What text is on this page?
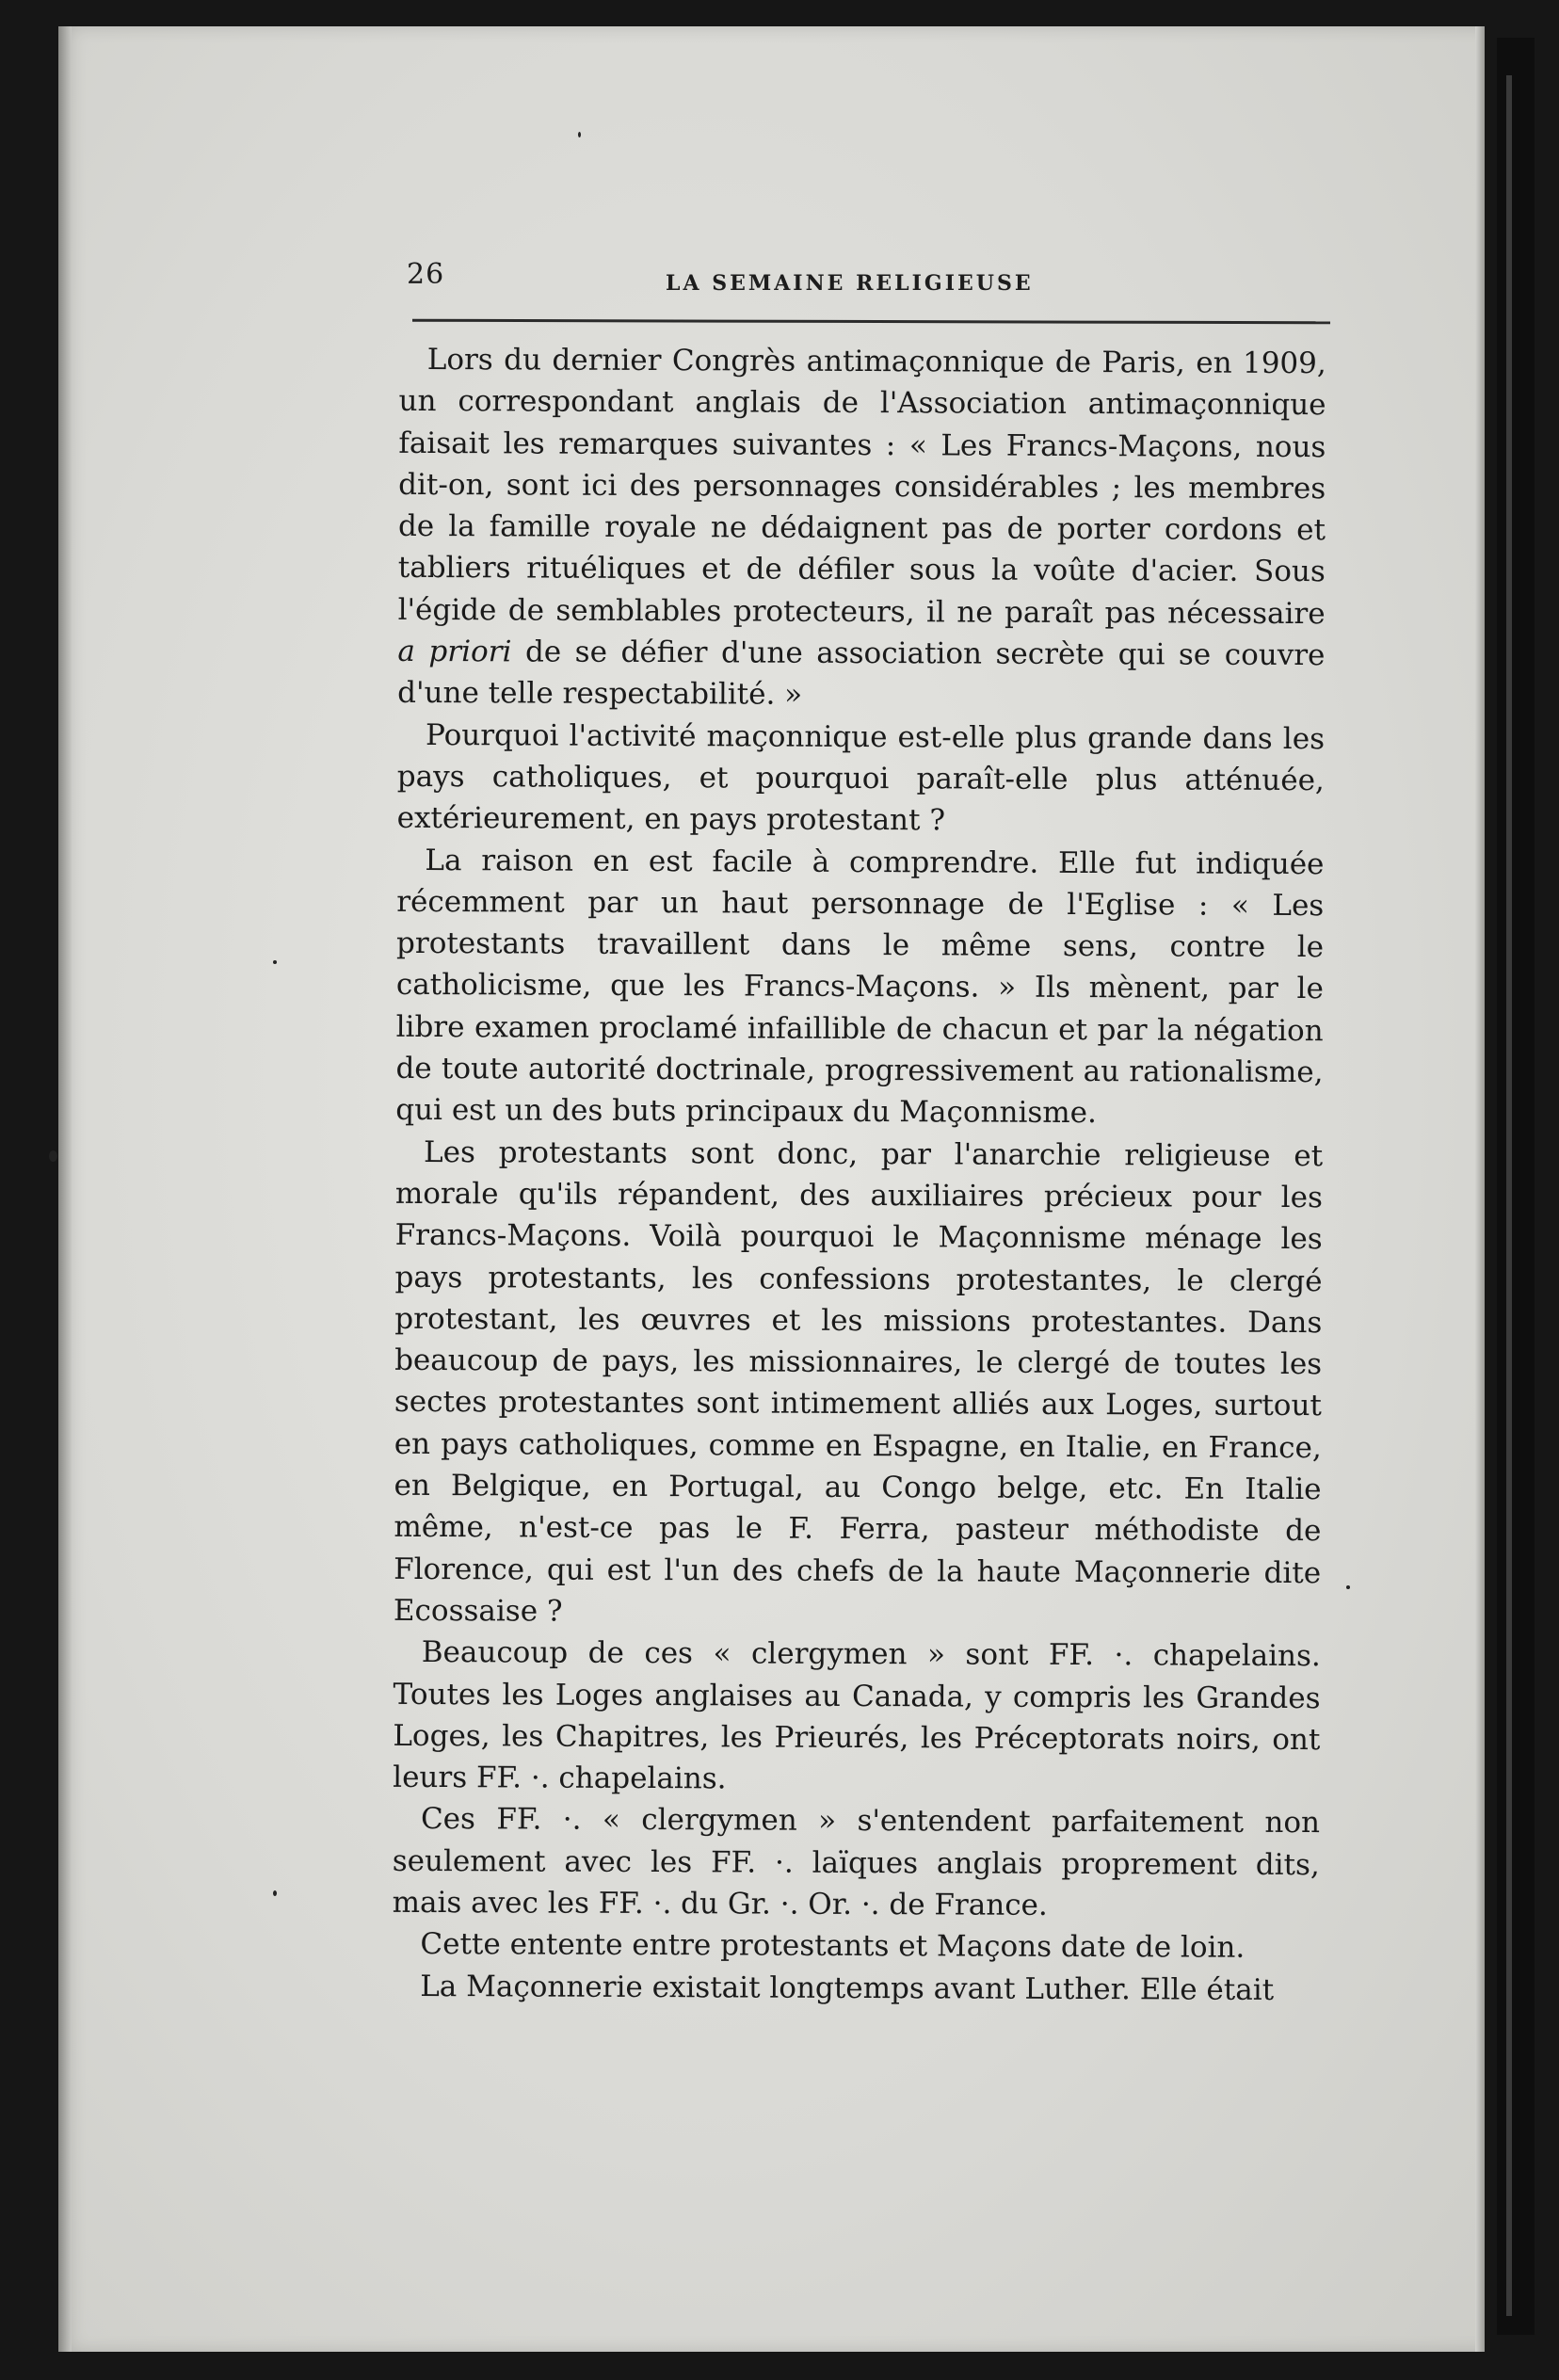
26	LA SEMAINE RELIGIEUSE

Lors du dernier Congrès antimaçonnique de Paris, en 1909, un correspondant anglais de l'Association antimaçonnique faisait les remarques suivantes : « Les Francs-Maçons, nous dit-on, sont ici des personnages considérables ; les membres de la famille royale ne dédaignent pas de porter cordons et tabliers rituéliques et de défiler sous la voûte d'acier. Sous l'égide de semblables protecteurs, il ne paraît pas nécessaire a priori de se défier d'une association secrète qui se couvre d'une telle respectabilité. »

Pourquoi l'activité maçonnique est-elle plus grande dans les pays catholiques, et pourquoi paraît-elle plus atténuée, extérieurement, en pays protestant ?

La raison en est facile à comprendre. Elle fut indiquée récemment par un haut personnage de l'Eglise : « Les protestants travaillent dans le même sens, contre le catholicisme, que les Francs-Maçons. » Ils mènent, par le libre examen proclamé infaillible de chacun et par la négation de toute autorité doctrinale, progressivement au rationalisme, qui est un des buts principaux du Maçonnisme.

Les protestants sont donc, par l'anarchie religieuse et morale qu'ils répandent, des auxiliaires précieux pour les Francs-Maçons. Voilà pourquoi le Maçonnisme ménage les pays protestants, les confessions protestantes, le clergé protestant, les œuvres et les missions protestantes. Dans beaucoup de pays, les missionnaires, le clergé de toutes les sectes protestantes sont intimement alliés aux Loges, surtout en pays catholiques, comme en Espagne, en Italie, en France, en Belgique, en Portugal, au Congo belge, etc. En Italie même, n'est-ce pas le F. Ferra, pasteur méthodiste de Florence, qui est l'un des chefs de la haute Maçonnerie dite Ecossaise ?

Beaucoup de ces « clergymen » sont FF. ·. chapelains. Toutes les Loges anglaises au Canada, y compris les Grandes Loges, les Chapitres, les Prieurés, les Préceptorats noirs, ont leurs FF. ·. chapelains.

Ces FF. ·. « clergymen » s'entendent parfaitement non seulement avec les FF. ·. laïques anglais proprement dits, mais avec les FF. ·. du Gr. ·. Or. ·. de France.

Cette entente entre protestants et Maçons date de loin.

La Maçonnerie existait longtemps avant Luther. Elle était
